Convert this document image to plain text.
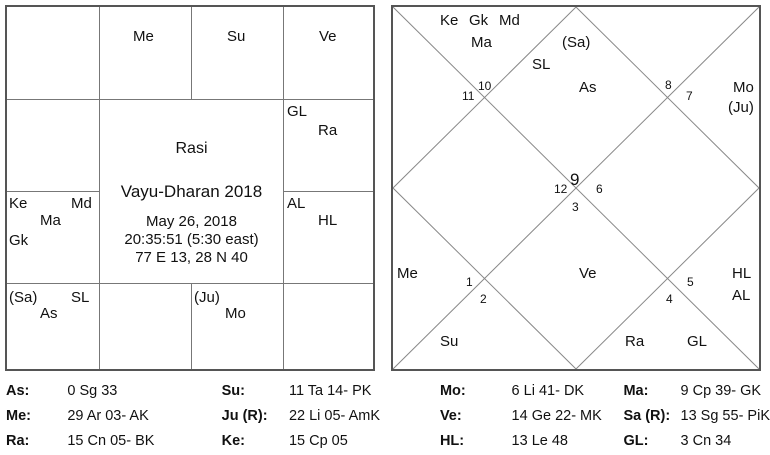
Rasi
Vayu-Dharan 2018
May 26, 2018
20:35:51 (5:30 east)
77 E 13, 28 N 40
Me	Su	Ve
GL
Ra
AL
HL
Ke	Md
Ma
Gk
(Sa) SL
As
(Ju)
Mo
9
12 6
3
11
10	8
7
1
2	4
5
Ke Gk Md
Ma	(Sa)
SL
As	Mo
(Ju)
Me	Ve	HL
AL
Su	Ra	GL
As:	0 Sg 33	Su:	11 Ta 14- PK	Mo:	6 Li 41- DK	Ma:	9 Cp 39- GK
Me:	29 Ar 03- AK	Ju (R):	22 Li 05- AmK	Ve:	14 Ge 22- MK	Sa (R):	13 Sg 55- PiK
Ra:	15 Cn 05- BK	Ke:	15 Cp 05	HL:	13 Le 48	GL:	3 Cn 34
